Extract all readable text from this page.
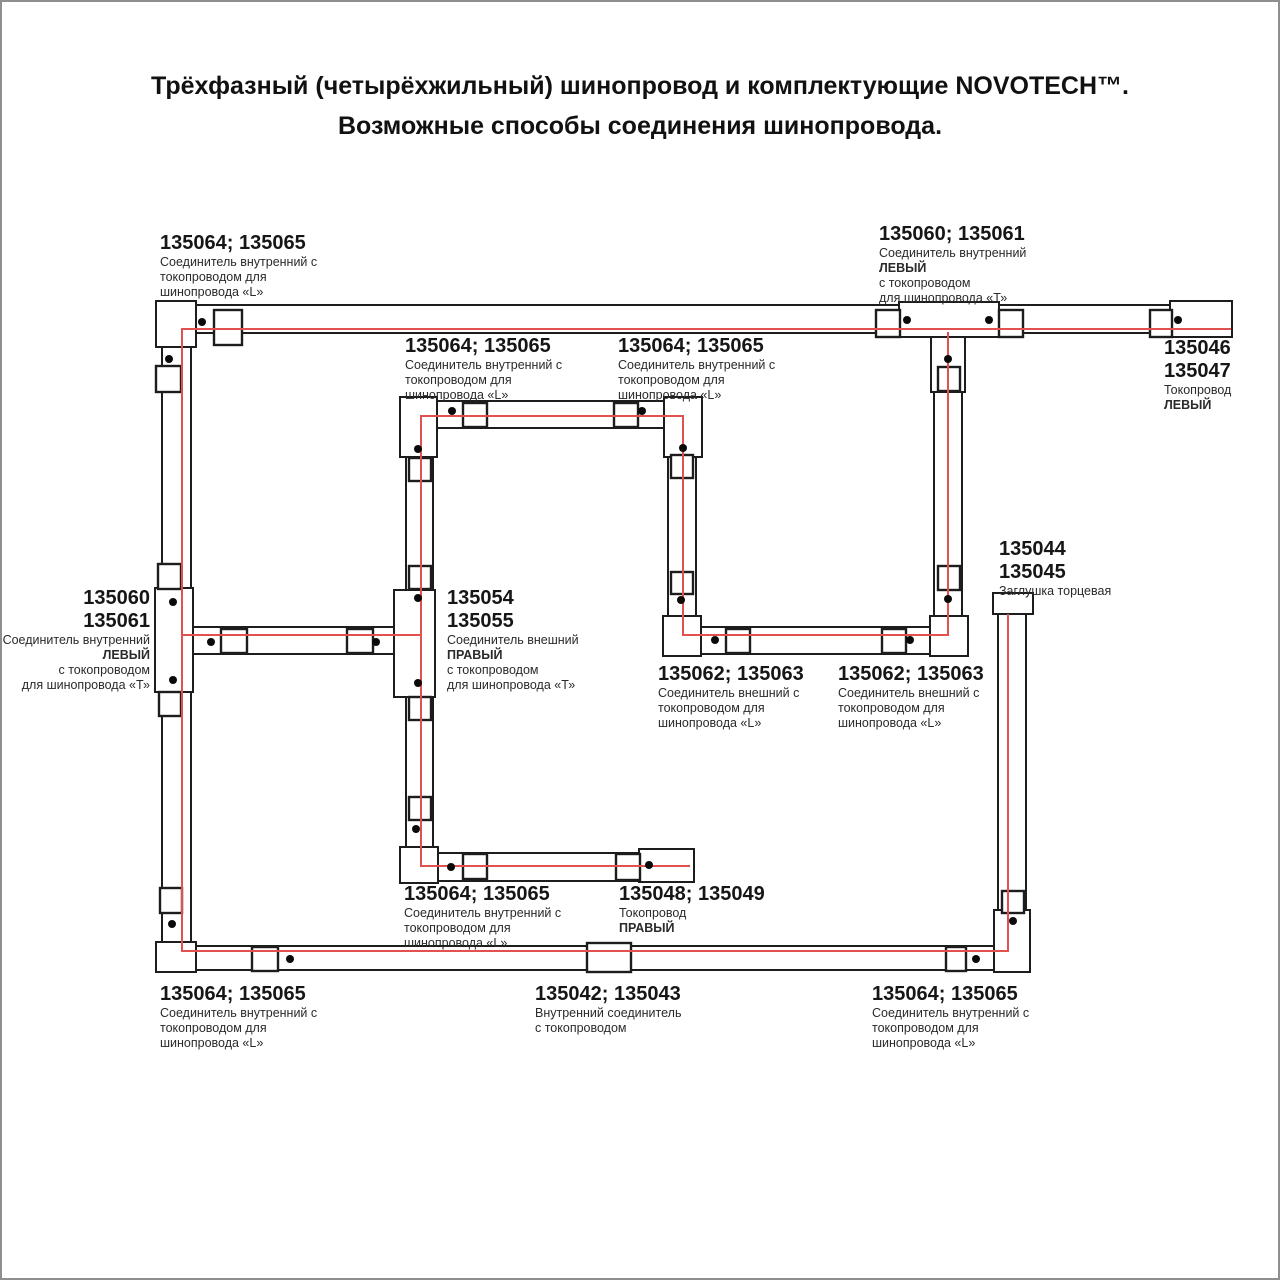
Трёхфазный (четырёхжильный) шинопровод и комплектующие NOVOTECH™.
Возможные способы соединения шинопровода.
135064; 135065
Соединитель внутренний с
токопроводом для
шинопровода «L»
135060; 135061
Соединитель внутренний
ЛЕВЫЙ
с токопроводом
для шинопровода «Т»
135046
135047
Токопровод
ЛЕВЫЙ
135064; 135065
Соединитель внутренний с
токопроводом для
шинопровода «L»
135064; 135065
Соединитель внутренний с
токопроводом для
шинопровода «L»
135044
135045
Заглушка торцевая
135060
135061
Соединитель внутренний
ЛЕВЫЙ
с токопроводом
для шинопровода «Т»
135054
135055
Соединитель внешний
ПРАВЫЙ
с токопроводом
для шинопровода «Т»	135062; 135063
Соединитель внешний с
токопроводом для
шинопровода «L»
135062; 135063
Соединитель внешний с
токопроводом для
шинопровода «L»
135064; 135065
Соединитель внутренний с
токопроводом для
шинопровода «L»
135048; 135049
Токопровод
ПРАВЫЙ
135064; 135065
Соединитель внутренний с
токопроводом для
шинопровода «L»
135042; 135043
Внутренний соединитель
с токопроводом
135064; 135065
Соединитель внутренний с
токопроводом для
шинопровода «L»
